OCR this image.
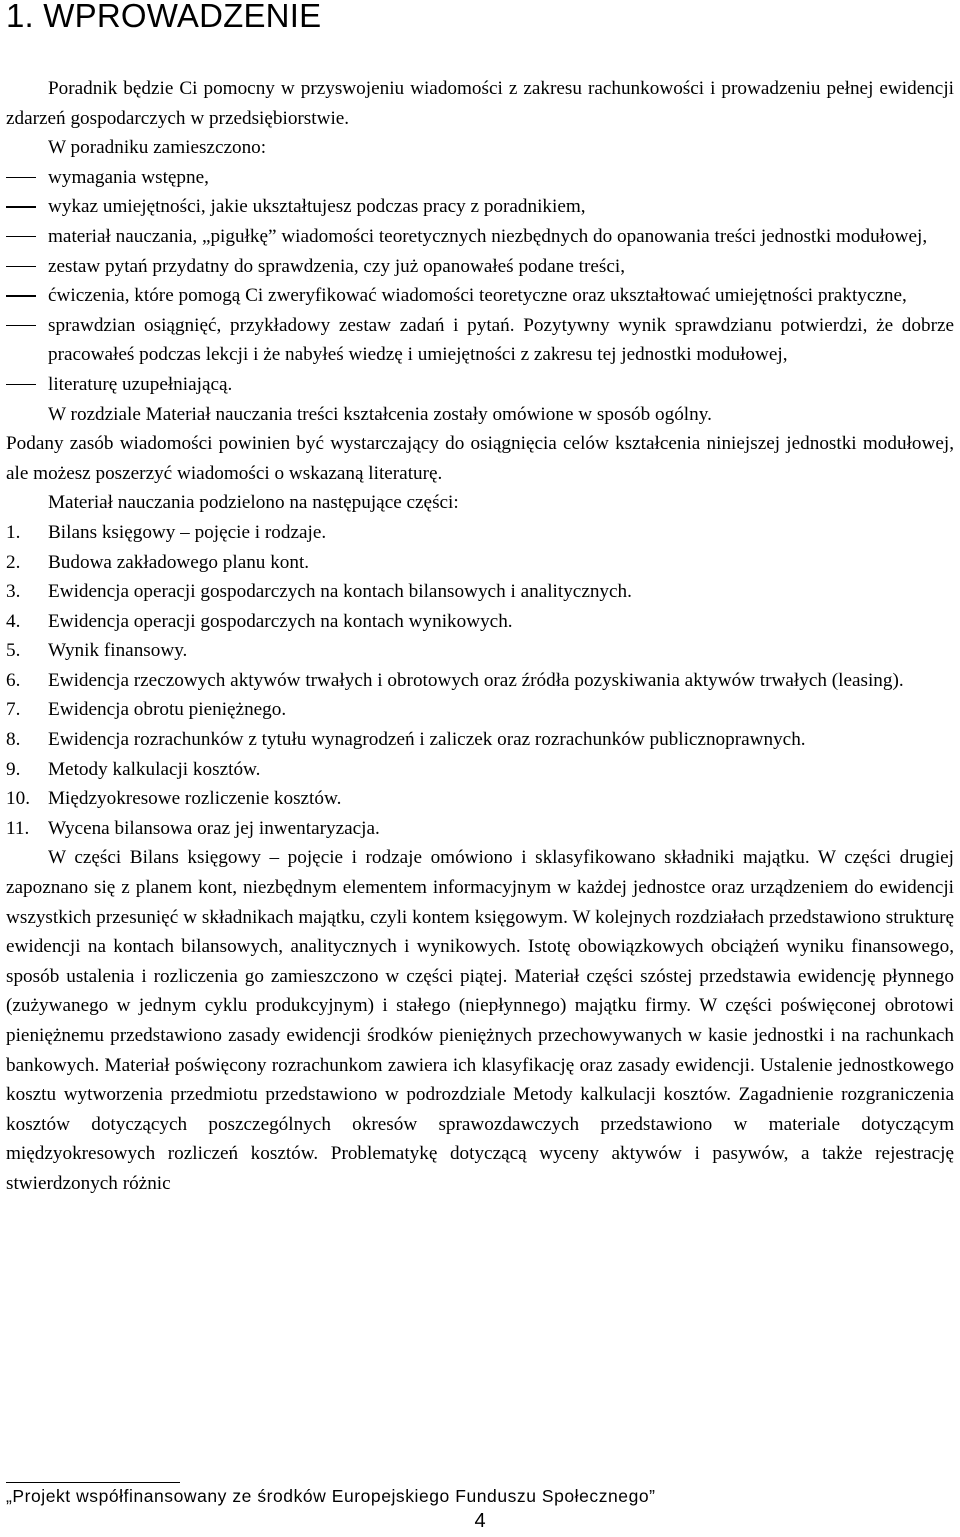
1. WPROWADZENIE

Poradnik będzie Ci pomocny w przyswojeniu wiadomości z zakresu rachunkowości i prowadzeniu pełnej ewidencji zdarzeń gospodarczych w przedsiębiorstwie.

W poradniku zamieszczono:

wymagania wstępne,
wykaz umiejętności, jakie ukształtujesz podczas pracy z poradnikiem,
materiał nauczania, „pigułkę” wiadomości teoretycznych niezbędnych do opanowania treści jednostki modułowej,
zestaw pytań przydatny do sprawdzenia, czy już opanowałeś podane treści,
ćwiczenia, które pomogą Ci zweryfikować wiadomości teoretyczne oraz ukształtować umiejętności praktyczne,
sprawdzian osiągnięć, przykładowy zestaw zadań i pytań. Pozytywny wynik sprawdzianu potwierdzi, że dobrze pracowałeś podczas lekcji i że nabyłeś wiedzę i umiejętności z zakresu tej jednostki modułowej,
literaturę uzupełniającą.

W rozdziale Materiał nauczania treści kształcenia zostały omówione w sposób ogólny.

Podany zasób wiadomości powinien być wystarczający do osiągnięcia celów kształcenia niniejszej jednostki modułowej, ale możesz poszerzyć wiadomości o wskazaną literaturę.

Materiał nauczania podzielono na następujące części:

1. Bilans księgowy – pojęcie i rodzaje.
2. Budowa zakładowego planu kont.
3. Ewidencja operacji gospodarczych na kontach bilansowych i analitycznych.
4. Ewidencja operacji gospodarczych na kontach wynikowych.
5. Wynik finansowy.
6. Ewidencja rzeczowych aktywów trwałych i obrotowych oraz źródła pozyskiwania aktywów trwałych (leasing).
7. Ewidencja obrotu pieniężnego.
8. Ewidencja rozrachunków z tytułu wynagrodzeń i zaliczek oraz rozrachunków publicznoprawnych.
9. Metody kalkulacji kosztów.
10. Międzyokresowe rozliczenie kosztów.
11. Wycena bilansowa oraz jej inwentaryzacja.

W części Bilans księgowy – pojęcie i rodzaje omówiono i sklasyfikowano składniki majątku. W części drugiej zapoznano się z planem kont, niezbędnym elementem informacyjnym w każdej jednostce oraz urządzeniem do ewidencji wszystkich przesunięć w składnikach majątku, czyli kontem księgowym. W kolejnych rozdziałach przedstawiono strukturę ewidencji na kontach bilansowych, analitycznych i wynikowych. Istotę obowiązkowych obciążeń wyniku finansowego, sposób ustalenia i rozliczenia go zamieszczono w części piątej. Materiał części szóstej przedstawia ewidencję płynnego (zużywanego w jednym cyklu produkcyjnym) i stałego (niepłynnego) majątku firmy. W części poświęconej obrotowi pieniężnemu przedstawiono zasady ewidencji środków pieniężnych przechowywanych w kasie jednostki i na rachunkach bankowych. Materiał poświęcony rozrachunkom zawiera ich klasyfikację oraz zasady ewidencji. Ustalenie jednostkowego kosztu wytworzenia przedmiotu przedstawiono w podrozdziale Metody kalkulacji kosztów. Zagadnienie rozgraniczenia kosztów dotyczących poszczególnych okresów sprawozdawczych przedstawiono w materiale dotyczącym międzyokresowych rozliczeń kosztów. Problematykę dotyczącą wyceny aktywów i pasywów, a także rejestrację stwierdzonych różnic

„Projekt współfinansowany ze środków Europejskiego Funduszu Społecznego”
4
